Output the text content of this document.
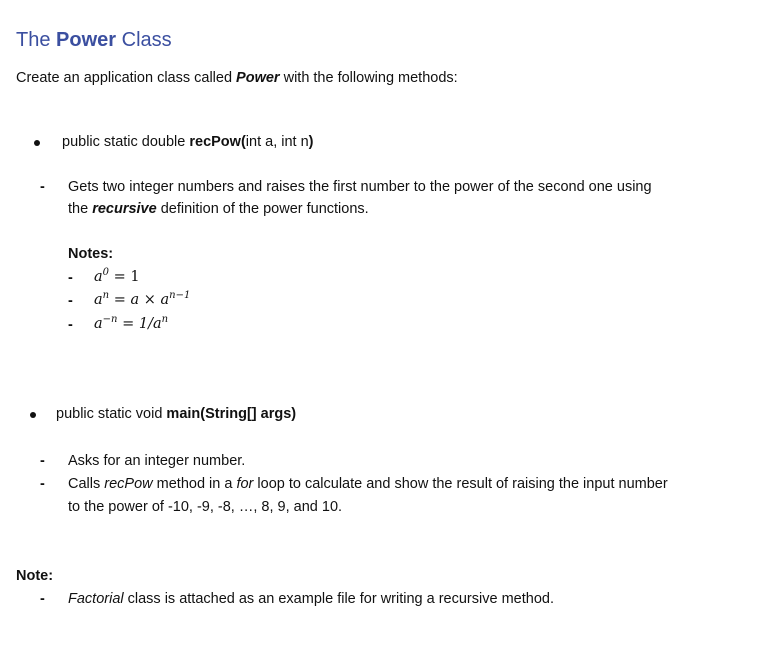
The Power Class
Create an application class called Power with the following methods:
public static double recPow(int a, int n)
- Gets two integer numbers and raises the first number to the power of the second one using
the recursive definition of the power functions.
Notes:
- $a^0 = 1$
- $a^n = a \times a^{n-1}$
- $a^{-n} = 1/a^n$
public static void main(String[] args)
- Asks for an integer number.
- Calls recPow method in a for loop to calculate and show the result of raising the input number
to the power of -10, -9, -8, …, 8, 9, and 10.
Note:
- Factorial class is attached as an example file for writing a recursive method.
